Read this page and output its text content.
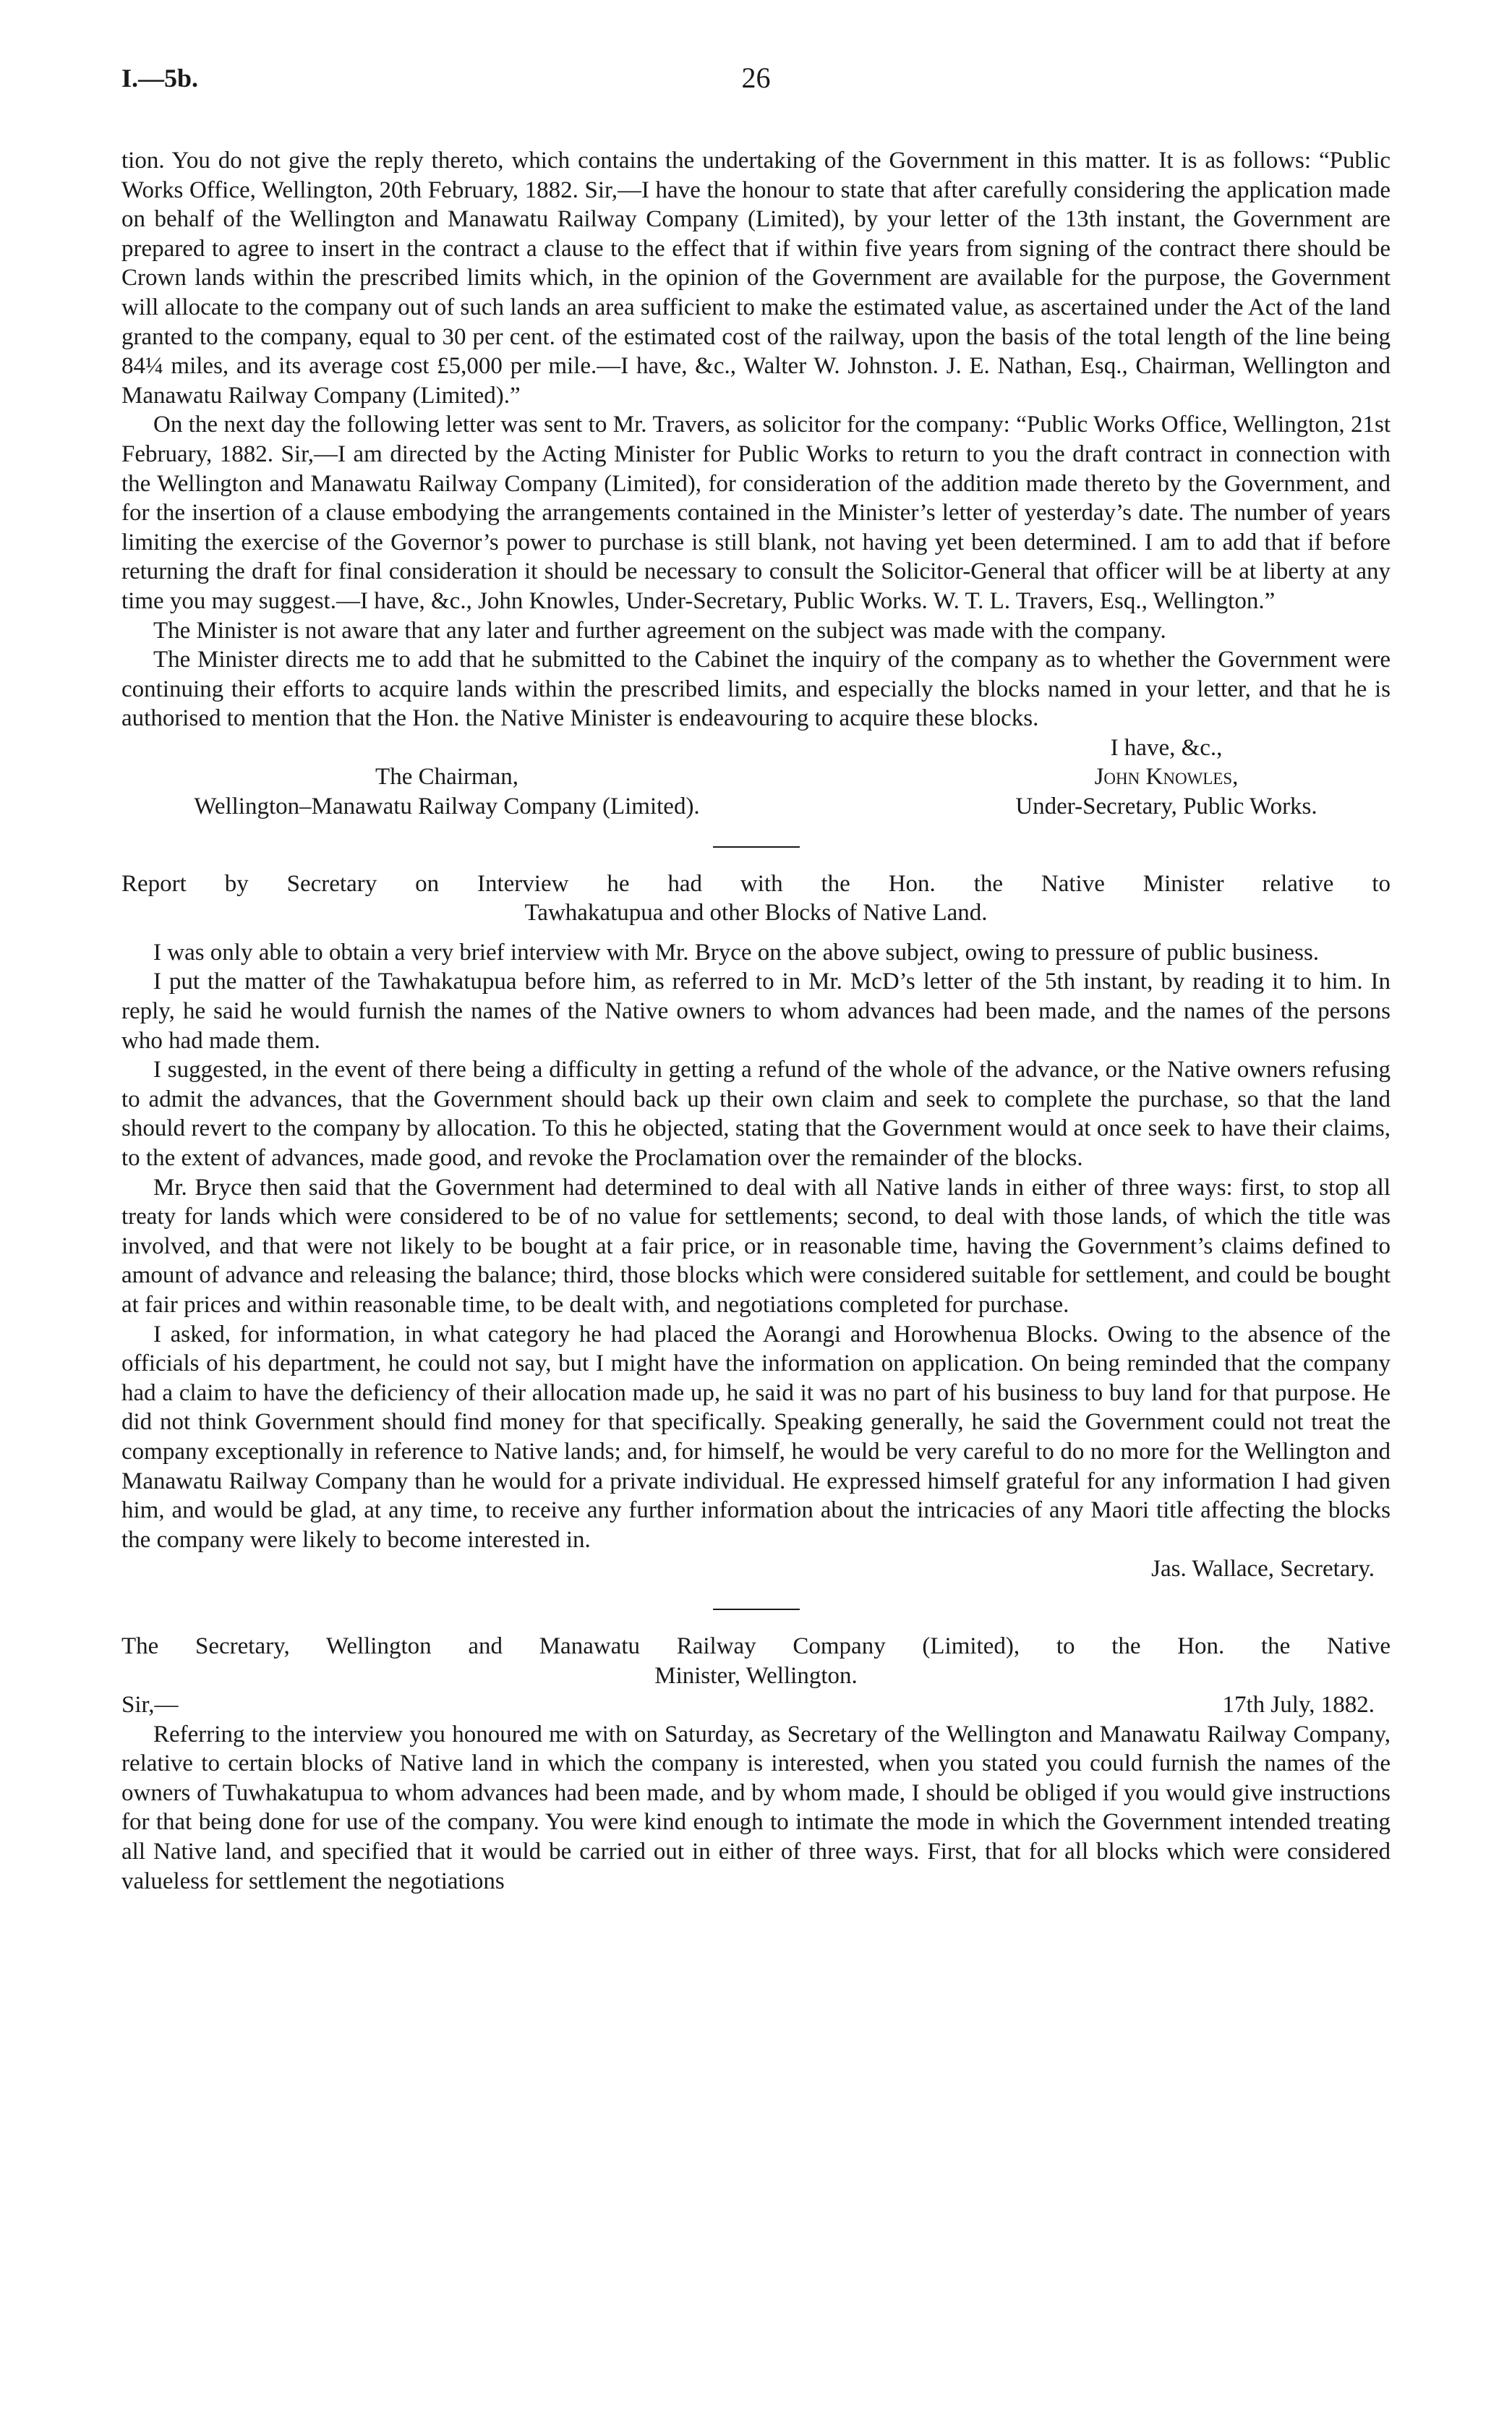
I.—5b.	26

tion. You do not give the reply thereto, which contains the undertaking of the Government in this matter. It is as follows: “Public Works Office, Wellington, 20th February, 1882. Sir,—I have the honour to state that after carefully considering the application made on behalf of the Wellington and Manawatu Railway Company (Limited), by your letter of the 13th instant, the Government are prepared to agree to insert in the contract a clause to the effect that if within five years from signing of the contract there should be Crown lands within the prescribed limits which, in the opinion of the Government are available for the purpose, the Government will allocate to the company out of such lands an area sufficient to make the estimated value, as ascertained under the Act of the land granted to the company, equal to 30 per cent. of the estimated cost of the railway, upon the basis of the total length of the line being 84¼ miles, and its average cost £5,000 per mile.—I have, &c., Walter W. Johnston. J. E. Nathan, Esq., Chairman, Wellington and Manawatu Railway Company (Limited).”

On the next day the following letter was sent to Mr. Travers, as solicitor for the company: “Public Works Office, Wellington, 21st February, 1882. Sir,—I am directed by the Acting Minister for Public Works to return to you the draft contract in connection with the Wellington and Manawatu Railway Company (Limited), for consideration of the addition made thereto by the Government, and for the insertion of a clause embodying the arrangements contained in the Minister’s letter of yesterday’s date. The number of years limiting the exercise of the Governor’s power to purchase is still blank, not having yet been determined. I am to add that if before returning the draft for final consideration it should be necessary to consult the Solicitor-General that officer will be at liberty at any time you may suggest.—I have, &c., John Knowles, Under-Secretary, Public Works. W. T. L. Travers, Esq., Wellington.”

The Minister is not aware that any later and further agreement on the subject was made with the company.

The Minister directs me to add that he submitted to the Cabinet the inquiry of the company as to whether the Government were continuing their efforts to acquire lands within the prescribed limits, and especially the blocks named in your letter, and that he is authorised to mention that the Hon. the Native Minister is endeavouring to acquire these blocks.

I have, &c.,
The Chairman,
Wellington–Manawatu Railway Company (Limited).
John Knowles,
Under-Secretary, Public Works.
Report by Secretary on Interview he had with the Hon. the Native Minister relative to
Tawhakatupua and other Blocks of Native Land.

I was only able to obtain a very brief interview with Mr. Bryce on the above subject, owing to pressure of public business.

I put the matter of the Tawhakatupua before him, as referred to in Mr. McD’s letter of the 5th instant, by reading it to him. In reply, he said he would furnish the names of the Native owners to whom advances had been made, and the names of the persons who had made them.

I suggested, in the event of there being a difficulty in getting a refund of the whole of the advance, or the Native owners refusing to admit the advances, that the Government should back up their own claim and seek to complete the purchase, so that the land should revert to the company by allocation. To this he objected, stating that the Government would at once seek to have their claims, to the extent of advances, made good, and revoke the Proclamation over the remainder of the blocks.

Mr. Bryce then said that the Government had determined to deal with all Native lands in either of three ways: first, to stop all treaty for lands which were considered to be of no value for settlements; second, to deal with those lands, of which the title was involved, and that were not likely to be bought at a fair price, or in reasonable time, having the Government’s claims defined to amount of advance and releasing the balance; third, those blocks which were considered suitable for settlement, and could be bought at fair prices and within reasonable time, to be dealt with, and negotiations completed for purchase.

I asked, for information, in what category he had placed the Aorangi and Horowhenua Blocks. Owing to the absence of the officials of his department, he could not say, but I might have the information on application. On being reminded that the company had a claim to have the deficiency of their allocation made up, he said it was no part of his business to buy land for that purpose. He did not think Government should find money for that specifically. Speaking generally, he said the Government could not treat the company exceptionally in reference to Native lands; and, for himself, he would be very careful to do no more for the Wellington and Manawatu Railway Company than he would for a private individual. He expressed himself grateful for any information I had given him, and would be glad, at any time, to receive any further information about the intricacies of any Maori title affecting the blocks the company were likely to become interested in.

Jas. Wallace, Secretary.
The Secretary, Wellington and Manawatu Railway Company (Limited), to the Hon. the Native
Minister, Wellington.
Sir,—	17th July, 1882.

Referring to the interview you honoured me with on Saturday, as Secretary of the Wellington and Manawatu Railway Company, relative to certain blocks of Native land in which the company is interested, when you stated you could furnish the names of the owners of Tuwhakatupua to whom advances had been made, and by whom made, I should be obliged if you would give instructions for that being done for use of the company. You were kind enough to intimate the mode in which the Government intended treating all Native land, and specified that it would be carried out in either of three ways. First, that for all blocks which were considered valueless for settlement the negotiations
